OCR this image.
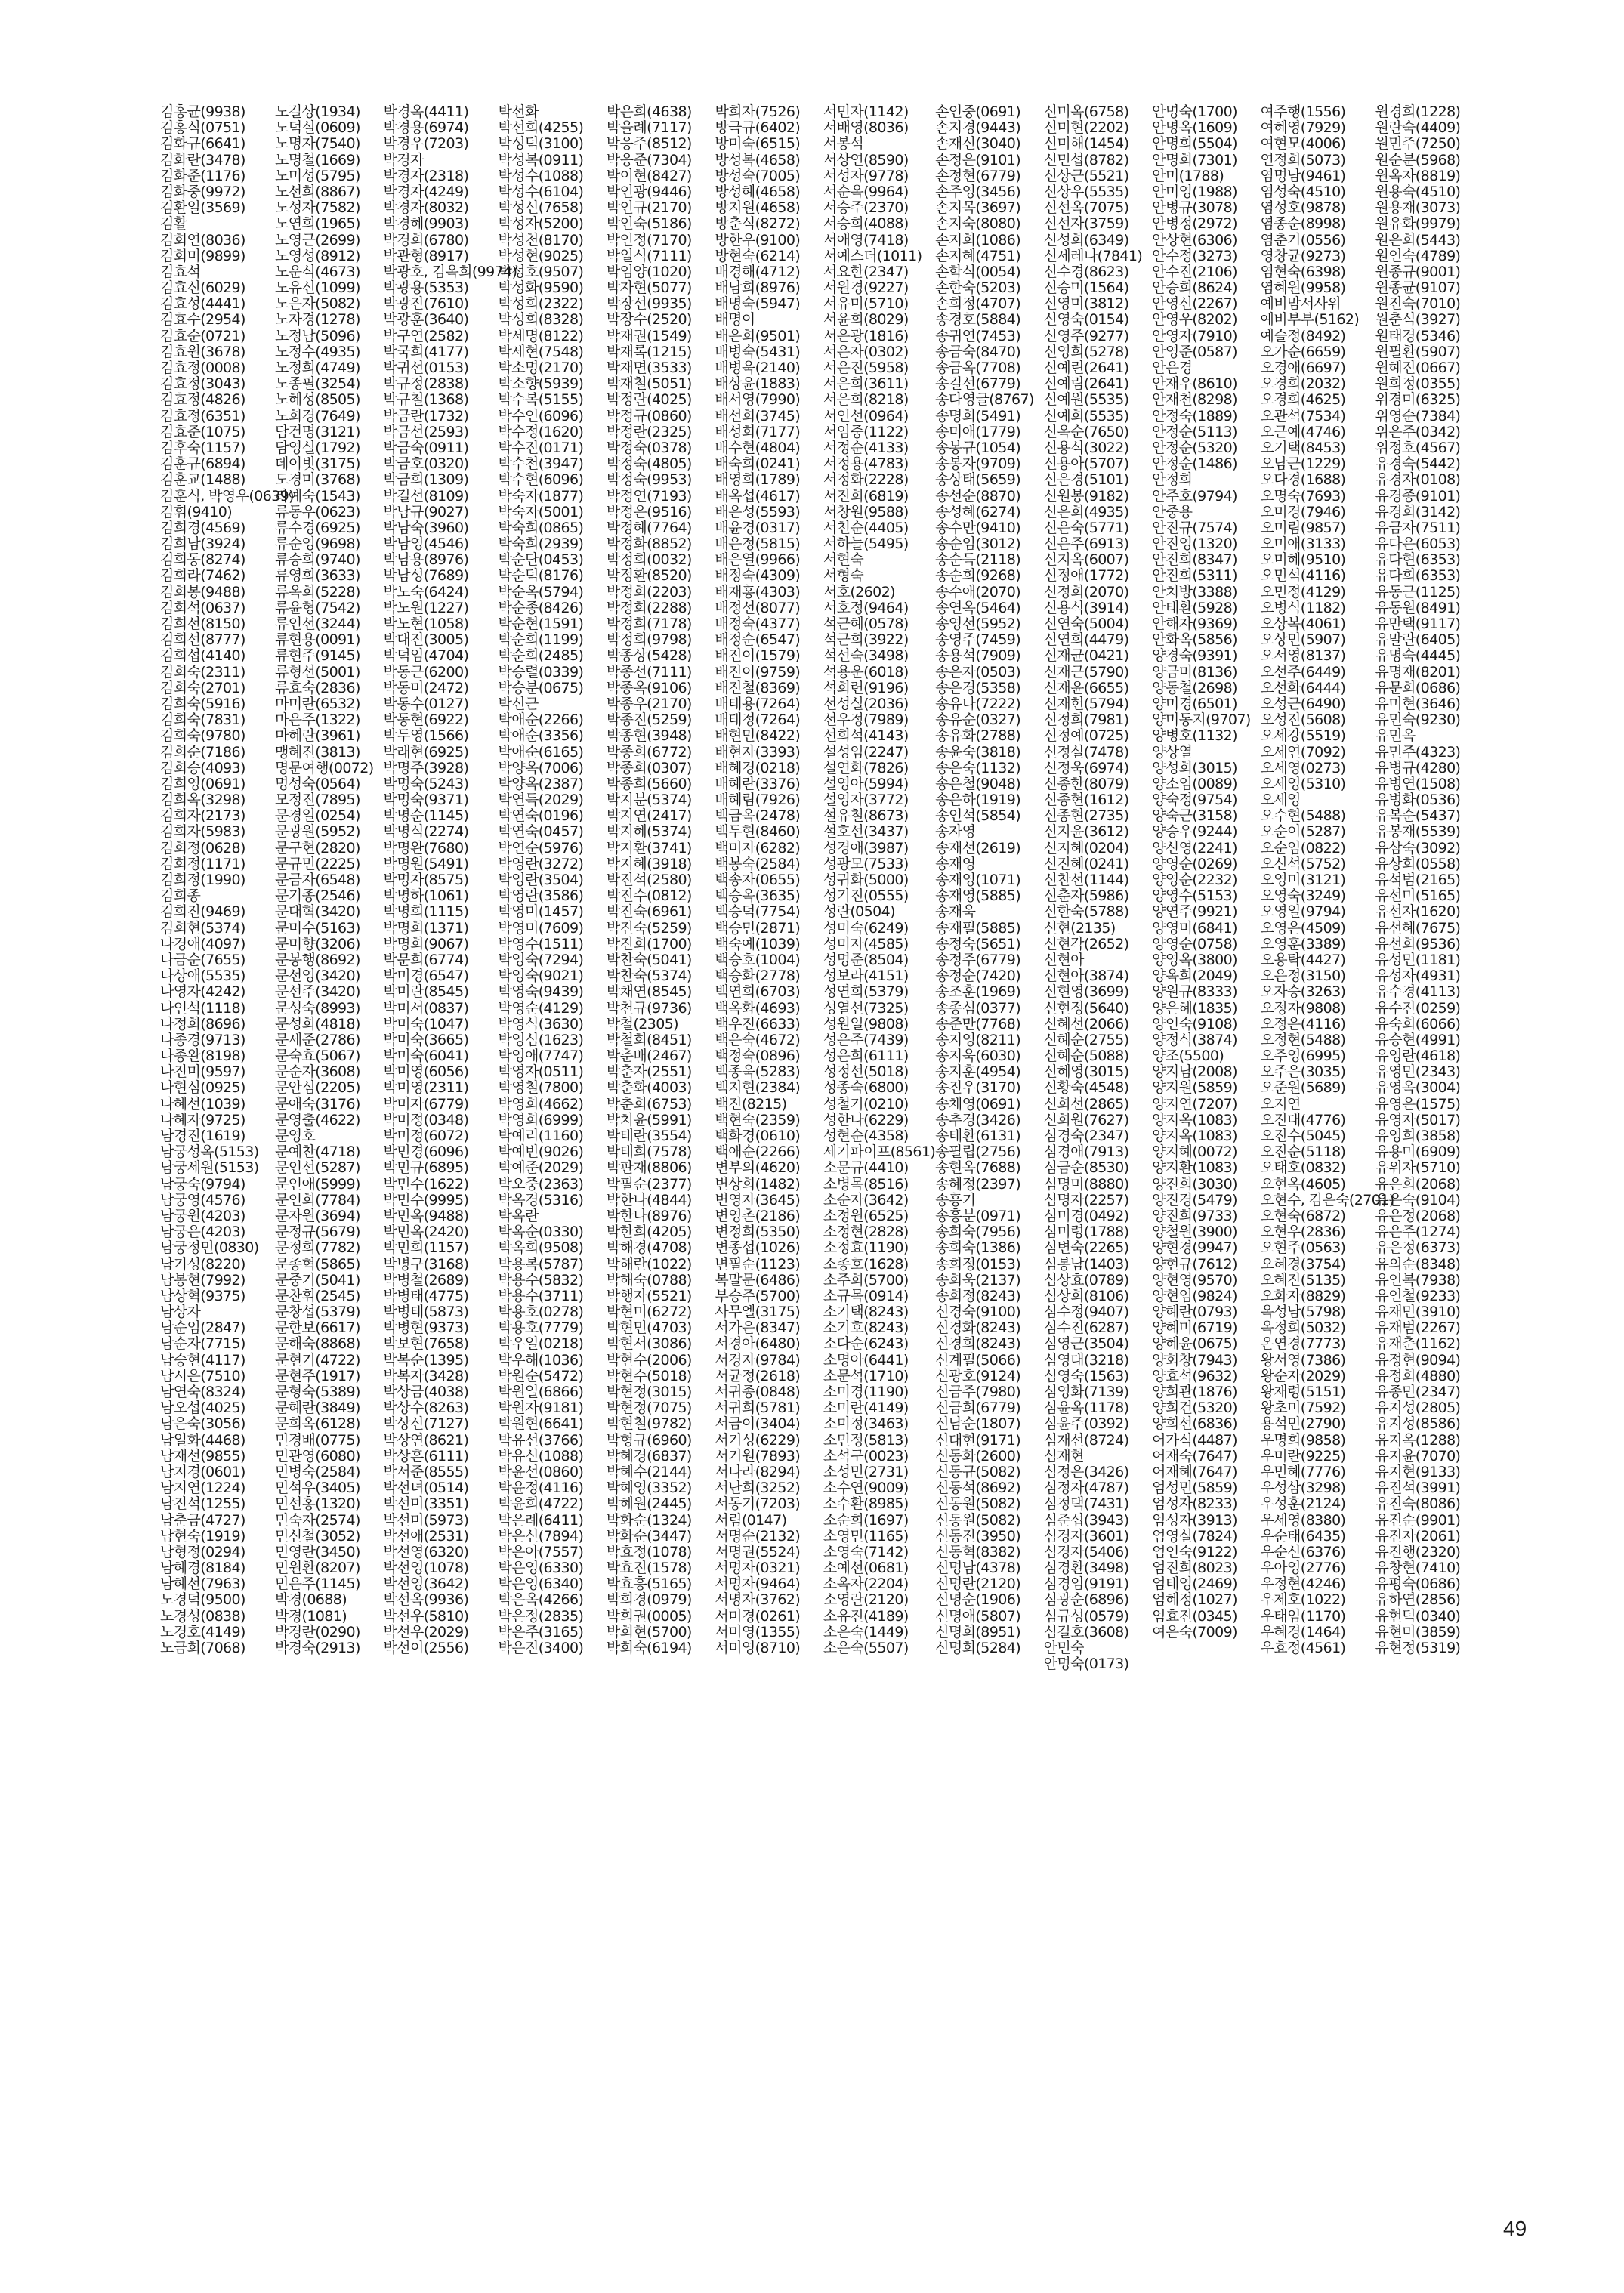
김홍균(9938)
김홍식(0751)
김화규(6641)
김화란(3478)
김화준(1176)
김화중(9972)
김환일(3569)
김활
김회연(8036)
김회미(9899)
김효석
김효신(6029)
김효성(4441)
김효수(2954)
김효순(0721)
김효원(3678)
김효정(0008)
김효정(3043)
김효정(4826)
김효정(6351)
김효준(1075)
김후숙(1157)
김훈규(6894)
김훈교(1488)
김훈식, 박영우(0639)
김휘(9410)
김희경(4569)
김희남(3924)
김희동(8274)
김희라(7462)
김희봉(9488)
김희석(0637)
김희선(8150)
김희선(8777)
김희섭(4140)
김희숙(2311)
김희숙(2701)
김희숙(5916)
김희숙(7831)
김희숙(9780)
김희순(7186)
김희승(4093)
김희영(0691)
김희옥(3298)
김희자(2173)
김희자(5983)
김희정(0628)
김희정(1171)
김희정(1990)
김희종
김희진(9469)
김희현(5374)
나경애(4097)
나금순(7655)
나상애(5535)
나영자(4242)
나인석(1118)
나정희(8696)
나종경(9713)
나종완(8198)
나진미(9597)
나현심(0925)
나혜선(1039)
나혜자(9725)
남경진(1619)
남궁성옥(5153)
남궁세원(5153)
남궁숙(9794)
남궁영(4576)
남궁원(4203)
남궁은(4203)
남궁정민(0830)
남기성(8220)
남봉현(7992)
남상혁(9375)
남상자
남순임(2847)
남순자(7715)
남승현(4117)
남시은(7510)
남연숙(8324)
남오섭(4025)
남은숙(3056)
남일화(4468)
남재선(9855)
남지경(0601)
남지연(1224)
남진석(1255)
남춘금(4727)
남현숙(1919)
남형정(0294)
남혜경(8184)
남혜선(7963)
노경덕(9500)
노경성(0838)
노경호(4149)
노금희(7068)
노길상(1934)
노덕실(0609)
노명자(7540)
노명철(1669)
노미성(5795)
노선희(8867)
노성자(7582)
노연희(1965)
노영근(2699)
노영성(8912)
노운식(4673)
노유신(1099)
노은자(5082)
노자경(1278)
노정남(5096)
노정수(4935)
노정희(4749)
노종필(3254)
노혜성(8505)
노희경(7649)
담건명(3121)
담영실(1792)
데이빗(3175)
도경미(3768)
라예숙(1543)
류동우(0623)
류수경(6925)
류순영(9698)
류승희(9740)
류영희(3633)
류옥희(5228)
류윤형(7542)
류인선(3244)
류현용(0091)
류현주(9145)
류형선(5001)
류효숙(2836)
마미란(6532)
마은주(1322)
마혜란(3961)
맹혜진(3813)
명문여행(0072)
명성숙(0564)
모정진(7895)
문경일(0254)
문광원(5952)
문구현(2820)
문규민(2225)
문금자(6548)
문기종(2546)
문대혁(3420)
문미수(5163)
문미향(3206)
문봉행(8692)
문선영(3420)
문선주(3420)
문성숙(8993)
문성희(4818)
문세준(2786)
문숙효(5067)
문순자(3608)
문안심(2205)
문애숙(3176)
문영출(4622)
문영호
문예찬(4718)
문인선(5287)
문인애(5999)
문인희(7784)
문자원(3694)
문정규(5679)
문정희(7782)
문종혁(5865)
문중기(5041)
문찬휘(2545)
문창섭(5379)
문한보(6617)
문해숙(8868)
문현기(4722)
문현주(1917)
문형숙(5389)
문혜란(3849)
문희옥(6128)
민경배(0775)
민관영(6080)
민병숙(2584)
민석우(3405)
민선홍(1320)
민숙자(2574)
민신철(3052)
민영란(3450)
민원환(8207)
민은주(1145)
박경(0688)
박경(1081)
박경란(0290)
박경숙(2913)
박경옥(4411)
박경용(6974)
박경우(7203)
박경자
박경자(2318)
박경자(4249)
박경자(8032)
박경혜(9903)
박경희(6780)
박관형(8917)
박광호, 김옥희(9974)
박광용(5353)
박광진(7610)
박광훈(3640)
박구연(2582)
박국희(4177)
박귀선(0153)
박규정(2838)
박규철(1368)
박금란(1732)
박금선(2593)
박금숙(0911)
박금호(0320)
박금희(1309)
박길선(8109)
박남규(9027)
박남숙(3960)
박남영(4546)
박남용(8976)
박남성(7689)
박노숙(6424)
박노원(1227)
박노현(1058)
박대진(3005)
박덕임(4704)
박동근(6200)
박동미(2472)
박동수(0127)
박동현(6922)
박두영(1566)
박래현(6925)
박명주(3928)
박명숙(5243)
박명숙(9371)
박명순(1145)
박명식(2274)
박명완(7680)
박명원(5491)
박명자(8575)
박명하(1061)
박명희(1115)
박명희(1371)
박명희(9067)
박문희(6774)
박미경(6547)
박미란(8545)
박미서(0837)
박미숙(1047)
박미숙(3665)
박미숙(6041)
박미영(6056)
박미영(2311)
박미자(6779)
박미정(0348)
박미정(6072)
박민경(6096)
박민규(6895)
박민수(1622)
박민수(9995)
박민옥(9488)
박민옥(2420)
박민희(1157)
박병구(3168)
박병철(2689)
박병태(4775)
박병태(5873)
박병현(9373)
박보현(7658)
박복순(1395)
박복자(3428)
박상금(4038)
박상수(8263)
박상신(7127)
박상연(8621)
박상흔(6111)
박서준(8555)
박선녀(0514)
박선미(3351)
박선미(5973)
박선애(2531)
박선영(6320)
박선영(1078)
박선영(3642)
박선옥(9936)
박선우(5810)
박선우(2029)
박선이(2556)
박선화
박선희(4255)
박성덕(3100)
박성복(0911)
박성수(1088)
박성수(6104)
박성신(7658)
박성자(5200)
박성천(8170)
박성현(9025)
박성호(9507)
박성화(9590)
박성희(2322)
박성희(8328)
박세명(8122)
박세현(7548)
박소명(2170)
박소향(5939)
박수복(5155)
박수인(6096)
박수정(1620)
박수진(0171)
박수천(3947)
박수현(6096)
박숙자(1877)
박숙자(5001)
박숙희(0865)
박숙희(2939)
박순단(0453)
박순덕(8176)
박순옥(5794)
박순종(8426)
박순현(1591)
박순희(1199)
박순희(2485)
박승렬(0339)
박승분(0675)
박신근
박애순(2266)
박애순(3356)
박애순(6165)
박양옥(7006)
박양옥(2387)
박연득(2029)
박연숙(0196)
박연숙(0457)
박연순(5976)
박영란(3272)
박영란(3504)
박영란(3586)
박영미(1457)
박영미(7609)
박영수(1511)
박영숙(7294)
박영숙(9021)
박영숙(9439)
박영순(4129)
박영식(3630)
박영심(1623)
박영애(7747)
박영자(0511)
박영철(7800)
박영희(4662)
박영희(6999)
박예리(1160)
박예빈(9026)
박예준(2029)
박오중(2363)
박옥경(5316)
박옥란
박옥순(0330)
박옥희(9508)
박용복(5787)
박용수(5832)
박용수(3711)
박용호(0278)
박용호(7779)
박우일(0218)
박우해(1036)
박원순(5472)
박원일(6866)
박원자(9181)
박원현(6641)
박유선(3766)
박유신(1088)
박윤선(0860)
박윤정(4116)
박윤희(4722)
박은례(6411)
박은신(7894)
박은아(7557)
박은영(6330)
박은영(6340)
박은옥(4266)
박은정(2835)
박은주(3165)
박은진(3400)
박은희(4638)
박을례(7117)
박응주(8512)
박응준(7304)
박이현(8427)
박인광(9446)
박인규(2170)
박인숙(5186)
박인정(7170)
박일식(7111)
박임양(1020)
박자현(5077)
박장선(9935)
박장수(2520)
박재권(1549)
박재록(1215)
박재면(3533)
박재철(5051)
박정란(4025)
박정규(0860)
박정란(2325)
박정숙(0378)
박정숙(4805)
박정숙(9953)
박정연(7193)
박정은(9516)
박정혜(7764)
박정화(8852)
박정희(0032)
박정환(8520)
박정희(2203)
박정희(2288)
박정희(7178)
박정희(9798)
박종상(5428)
박종선(7111)
박종옥(9106)
박종우(2170)
박종진(5259)
박종현(3948)
박종희(6772)
박종희(0307)
박종희(5660)
박지분(5374)
박지연(2417)
박지혜(5374)
박지환(3741)
박지혜(3918)
박진석(2580)
박진수(0812)
박진숙(6961)
박진숙(5259)
박진희(1700)
박찬숙(5041)
박찬숙(5374)
박채연(8545)
박천규(9736)
박철(2305)
박철희(8451)
박춘배(2467)
박춘자(2551)
박춘화(4003)
박춘희(6753)
박치윤(5991)
박태란(3554)
박태희(7578)
박판재(8806)
박필순(2377)
박한나(4844)
박한나(8976)
박한희(4205)
박해경(4708)
박해란(1022)
박해숙(0788)
박행자(5521)
박현미(6272)
박현민(4703)
박현서(3086)
박현수(2006)
박현수(5018)
박현정(3015)
박현정(7075)
박현철(9782)
박형규(6960)
박혜경(6837)
박혜수(2144)
박혜영(3352)
박혜원(2445)
박화순(1324)
박화순(3447)
박효정(1078)
박효진(1578)
박효흥(5165)
박희경(0979)
박희권(0005)
박희현(5700)
박희숙(6194)
박희자(7526)
방극규(6402)
방미숙(6515)
방성복(4658)
방성숙(7005)
방성혜(4658)
방지원(4658)
방춘식(8272)
방한우(9100)
방현숙(6214)
배경해(4712)
배남희(8976)
배명숙(5947)
배명이
배은희(9501)
배병숙(5431)
배병욱(2140)
배상윤(1883)
배서영(7990)
배선희(3745)
배성희(7177)
배수현(4804)
배숙희(0241)
배영희(1789)
배옥섭(4617)
배은성(5593)
배윤경(0317)
배은정(5815)
배은열(9966)
배정숙(4309)
배재홍(4303)
배정선(8077)
배정숙(4377)
배정순(6547)
배진이(1579)
배진이(9759)
배진철(8369)
배태용(7264)
배태정(7264)
배현민(8422)
배현자(3393)
배혜경(0218)
배혜란(3376)
배혜림(7926)
백금옥(2478)
백두현(8460)
백미자(6282)
백봉숙(2584)
백송자(0655)
백승옥(3635)
백승덕(7754)
백승민(2871)
백숙예(1039)
백승호(1004)
백승화(2778)
백연희(6703)
백옥화(4693)
백우진(6633)
백은숙(4672)
백정숙(0896)
백종욱(5283)
백지현(2384)
백진(8215)
백현숙(2359)
백화경(0610)
백애순(2266)
변부의(4620)
변상희(1482)
변영자(3645)
변영촌(2186)
변정희(5350)
변종섭(1026)
변필순(1123)
복말문(6486)
부승주(5700)
사무엘(3175)
서가은(8347)
서경아(6480)
서경자(9784)
서균정(2618)
서귀종(0848)
서귀희(5781)
서금이(3404)
서기성(6229)
서기원(7893)
서나라(8294)
서난희(3252)
서동기(7203)
서림(0147)
서명순(2132)
서명권(5524)
서명자(0321)
서명자(9464)
서명자(3762)
서미경(0261)
서미영(1355)
서미영(8710)
서민자(1142)
서배영(8036)
서봉석
서상연(8590)
서성자(9778)
서순옥(9964)
서승주(2370)
서승희(4088)
서애영(7418)
서예스더(1011)
서요한(2347)
서원경(9227)
서유미(5710)
서윤희(8029)
서은광(1816)
서은자(0302)
서은진(5958)
서은희(3611)
서은희(8218)
서인선(0964)
서임중(1122)
서정순(4133)
서정용(4783)
서정화(2228)
서진희(6819)
서창원(9588)
서천순(4405)
서하늘(5495)
서현숙
서형숙
서호(2602)
서호정(9464)
석근혜(0578)
석근희(3922)
석선숙(3498)
석용운(6018)
석희련(9196)
선성실(2036)
선우정(7989)
선희석(4143)
설성임(2247)
설연화(7826)
설영아(5994)
설영자(3772)
설유철(8673)
설호선(3437)
성경애(3987)
성광모(7533)
성귀화(5000)
성기진(0555)
성란(0504)
성미숙(6249)
성미자(4585)
성명준(8504)
성보라(4151)
성연희(5379)
성열선(7325)
성원일(9808)
성은주(7439)
성은희(6111)
성정선(5018)
성종숙(6800)
성철기(0210)
성한나(6229)
성현순(4358)
세기파이프(8561)
소문규(4410)
소병목(8516)
소순자(3642)
소정원(6525)
소정현(2828)
소정효(1190)
소종호(1628)
소주희(5700)
소규목(0914)
소기택(8243)
소기호(8243)
소다순(6243)
소명아(6441)
소문석(1710)
소미경(1190)
소미란(4149)
소미정(3463)
소민정(5813)
소석구(0023)
소성민(2731)
소수연(9009)
소수환(8985)
소순희(1697)
소영민(1165)
소영숙(7142)
소예선(0681)
소옥자(2204)
소영란(2120)
소유진(4189)
소은숙(1449)
소은숙(5507)
손인중(0691)
손지경(9443)
손재신(3040)
손정은(9101)
손정현(6779)
손주영(3456)
손지목(3697)
손지숙(8080)
손지희(1086)
손지혜(4751)
손학식(0054)
손한숙(5203)
손희정(4707)
송경호(5884)
송귀연(7453)
송금숙(8470)
송금옥(7708)
송길선(6779)
송다영글(8767)
송명희(5491)
송미애(1779)
송봉규(1054)
송봉자(9709)
송상태(5659)
송선순(8870)
송성혜(6274)
송수만(9410)
송순임(3012)
송순득(2118)
송순희(9268)
송수애(2070)
송연옥(5464)
송영선(5952)
송영주(7459)
송용석(7909)
송은자(0503)
송은경(5358)
송유나(7222)
송유순(0327)
송유화(2788)
송윤숙(3818)
송은숙(1132)
송은철(9048)
송은하(1919)
송인석(5854)
송자영
송재선(2619)
송재영
송재영(1071)
송재영(5885)
송재욱
송재필(5885)
송정숙(5651)
송정주(6779)
송정순(7420)
송조훈(1969)
송종심(0377)
송준만(7768)
송지영(8211)
송지욱(6030)
송지훈(4954)
송진우(3170)
송채영(0691)
송추경(3426)
송태환(6131)
송필립(2756)
송현옥(7688)
송혜정(2397)
송흥기
송흥분(0971)
송희숙(7956)
송희숙(1386)
송희정(0153)
송희욱(2137)
송희정(8243)
신경숙(9100)
신경화(8243)
신경희(8243)
신계필(5066)
신광호(9124)
신금주(7980)
신금희(6779)
신남순(1807)
신대현(9171)
신동화(2600)
신동규(5082)
신동석(8692)
신동원(5082)
신동원(5082)
신동진(3950)
신동혁(8382)
신명남(4378)
신명란(2120)
신명순(1906)
신명애(5807)
신명희(8951)
신명희(5284)
신미옥(6758)
신미현(2202)
신미해(1454)
신민섭(8782)
신상근(5521)
신상우(5535)
신선옥(7075)
신선자(3759)
신성희(6349)
신세레나(7841)
신수경(8623)
신승미(1564)
신영미(3812)
신영숙(0154)
신영주(9277)
신영희(5278)
신예린(2641)
신예림(2641)
신예원(5535)
신예희(5535)
신옥순(7650)
신용식(3022)
신용아(5707)
신은경(5101)
신원봉(9182)
신은희(4935)
신은숙(5771)
신은주(6913)
신지옥(6007)
신정애(1772)
신정희(2070)
신용식(3914)
신연숙(5004)
신연희(4479)
신재균(0421)
신재근(5790)
신재윤(6655)
신재헌(5794)
신정희(7981)
신정예(0725)
신정실(7478)
신정욱(6974)
신종한(8079)
신종현(1612)
신종현(2735)
신지윤(3612)
신지혜(0204)
신진혜(0241)
신찬선(1144)
신춘자(5986)
신한숙(5788)
신현(2135)
신현각(2652)
신현아
신현아(3874)
신현영(3699)
신현정(5640)
신혜선(2066)
신혜순(2755)
신혜순(5088)
신혜영(3015)
신황숙(4548)
신희선(2865)
신희원(7627)
심경숙(2347)
심경애(7913)
심금순(8530)
심명미(8880)
심명자(2257)
심미경(0492)
심미령(1788)
심변숙(2265)
심봉남(1403)
심상효(0789)
심상희(8106)
심수정(9407)
심수진(6287)
심영근(3504)
심영대(3218)
심영숙(1563)
심영화(7139)
심윤옥(1178)
심윤주(0392)
심재선(8724)
심재현
심정은(3426)
심정자(4787)
심정택(7431)
심준섭(3943)
심경자(3601)
심경자(5406)
심경환(3498)
심경임(9191)
심광순(6896)
심규성(0579)
심길호(3608)
안민숙
안명숙(0173)
안명숙(1700)
안명옥(1609)
안명희(5504)
안명희(7301)
안미(1788)
안미영(1988)
안병규(3078)
안병정(2972)
안상현(6306)
안수정(3273)
안수진(2106)
안승희(8624)
안영신(2267)
안영우(8202)
안영자(7910)
안영준(0587)
안은경
안재우(8610)
안재천(8298)
안정숙(1889)
안정순(5113)
안정순(5320)
안정순(1486)
안정희
안주호(9794)
안중용
안진규(7574)
안진영(1320)
안진희(8347)
안진희(5311)
안치방(3388)
안태환(5928)
안해자(9369)
안화옥(5856)
양경숙(9391)
양금미(8136)
양동철(2698)
양미경(6501)
양미동지(9707)
양병호(1132)
양상열
양성희(3015)
양소임(0089)
양숙정(9754)
양숙근(3158)
양승우(9244)
양신영(2241)
양영순(0269)
양영순(2232)
양영수(5153)
양연주(9921)
양영미(6841)
양영순(0758)
양영옥(3800)
양옥희(2049)
양원규(8333)
양은혜(1835)
양인숙(9108)
양정식(3874)
양조(5500)
양지남(2008)
양지원(5859)
양지연(7207)
양지옥(1083)
양지옥(1083)
양지혜(0072)
양지환(1083)
양진희(3030)
양진경(5479)
양진희(9733)
양철원(3900)
양현경(9947)
양현규(7612)
양현영(9570)
양현임(9824)
양혜란(0793)
양혜미(6719)
양혜윤(0675)
양회창(7943)
양효석(9632)
양희관(1876)
양희건(5320)
양희선(6836)
어가식(4487)
어재숙(7647)
어재혜(7647)
엄성민(5859)
엄성자(8233)
엄성자(3913)
엄영실(7824)
엄인숙(9122)
엄진희(8023)
엄태영(2469)
엄혜정(1027)
엄효진(0345)
여은숙(7009)
여주행(1556)
여혜영(7929)
여현모(4006)
연정희(5073)
염명남(9461)
염성숙(4510)
염성호(9878)
염종순(8998)
염춘기(0556)
영창균(9273)
염현숙(6398)
염혜원(9958)
예비맘서사위
예비부부(5162)
예슬정(8492)
오가순(6659)
오경애(6697)
오경희(2032)
오경희(4625)
오관석(7534)
오근예(4746)
오기택(8453)
오남근(1229)
오다경(1688)
오명숙(7693)
오미경(7946)
오미림(9857)
오미애(3133)
오미혜(9510)
오민석(4116)
오민정(4129)
오병식(1182)
오상복(4061)
오상민(5907)
오서영(8137)
오선주(6449)
오선화(6444)
오성근(6490)
오성진(5608)
오세강(5519)
오세연(7092)
오세영(0273)
오세영(5310)
오세영
오수현(5488)
오순이(5287)
오순임(0822)
오신석(5752)
오영미(3121)
오영숙(3249)
오영일(9794)
오영은(4509)
오영훈(3389)
오용탁(4427)
오은정(3150)
오자승(3263)
오정자(9808)
오정은(4116)
오정현(5488)
오주영(6995)
오주은(3035)
오준원(5689)
오지연
오진대(4776)
오진수(5045)
오진순(5118)
오태호(0832)
오현옥(4605)
오현수, 김은숙(2701)
오현숙(6872)
오현우(2836)
오현주(0563)
오혜경(3754)
오혜진(5135)
오화자(8829)
옥성남(5798)
옥정희(5032)
온연경(7773)
왕서영(7386)
왕순자(2029)
왕재령(5151)
왕초미(7592)
용석민(2790)
우명희(9858)
우미란(9225)
우민혜(7776)
우성삼(3298)
우성훈(2124)
우세영(8380)
우순태(6435)
우순신(6376)
우아영(2776)
우정현(4246)
우제호(1022)
우태임(1170)
우혜경(1464)
우효정(4561)
원경희(1228)
원란숙(4409)
원민주(7250)
원순분(5968)
원옥자(8819)
원용숙(4510)
원용재(3073)
원유화(9979)
원은희(5443)
원인숙(4789)
원종규(9001)
원종균(9107)
원진숙(7010)
원춘식(3927)
원태경(5346)
원필환(5907)
원혜진(0667)
원희정(0355)
위경미(6325)
위영순(7384)
위은주(0342)
위정호(4567)
유경숙(5442)
유경자(0108)
유경종(9101)
유경희(3142)
유금자(7511)
유다은(6053)
유다현(6353)
유다희(6353)
유동근(1125)
유동원(8491)
유만택(9117)
유말란(6405)
유명숙(4445)
유명재(8201)
유문희(0686)
유미현(3646)
유민숙(9230)
유민옥
유민주(4323)
유병규(4280)
유병연(1508)
유병화(0536)
유복순(5437)
유봉재(5539)
유삼숙(3092)
유상희(0558)
유석범(2165)
유선미(5165)
유선자(1620)
유선혜(7675)
유선희(9536)
유성민(1181)
유성자(4931)
유수경(4113)
유수진(0259)
유숙희(6066)
유승현(4991)
유영란(4618)
유영민(2343)
유영옥(3004)
유영은(1575)
유영자(5017)
유영희(3858)
유용미(6909)
유위자(5710)
유은희(2068)
유은숙(9104)
유은정(2068)
유은주(1274)
유은정(6373)
유의순(8348)
유인복(7938)
유인철(9233)
유재민(3910)
유재범(2267)
유재춘(1162)
유정현(9094)
유정희(4880)
유종민(2347)
유지성(2805)
유지성(8586)
유지옥(1288)
유지윤(7070)
유지현(9133)
유진석(3991)
유진숙(8086)
유진순(9901)
유진자(2061)
유진행(2320)
유창현(7410)
유평숙(0686)
유하연(2856)
유현덕(0340)
유현미(3859)
유현정(5319)
49
